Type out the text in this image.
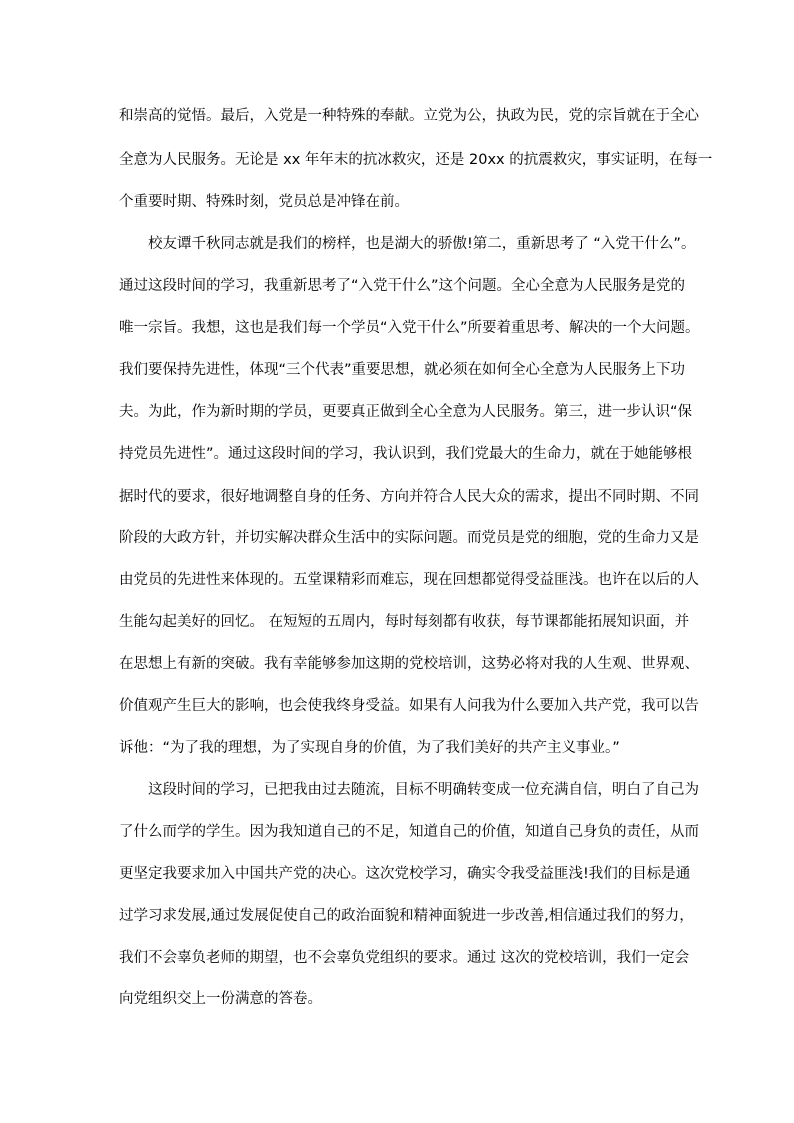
和崇高的觉悟。最后，入党是一种特殊的奉献。立党为公，执政为民，党的宗旨就在于全心
全意为人民服务。无论是 xx 年年末的抗冰救灾，还是 20xx 的抗震救灾，事实证明，在每一
个重要时期、特殊时刻，党员总是冲锋在前。
校友谭千秋同志就是我们的榜样，也是湖大的骄傲!第二，重新思考了 “入党干什么”。
通过这段时间的学习，我重新思考了“入党干什么”这个问题。全心全意为人民服务是党的
唯一宗旨。我想，这也是我们每一个学员“入党干什么”所要着重思考、解决的一个大问题。
我们要保持先进性，体现“三个代表”重要思想，就必须在如何全心全意为人民服务上下功
夫。为此，作为新时期的学员，更要真正做到全心全意为人民服务。第三，进一步认识“保
持党员先进性”。通过这段时间的学习，我认识到，我们党最大的生命力，就在于她能够根
据时代的要求，很好地调整自身的任务、方向并符合人民大众的需求，提出不同时期、不同
阶段的大政方针，并切实解决群众生活中的实际问题。而党员是党的细胞，党的生命力又是
由党员的先进性来体现的。五堂课精彩而难忘，现在回想都觉得受益匪浅。也许在以后的人
生能勾起美好的回忆。 在短短的五周内，每时每刻都有收获，每节课都能拓展知识面，并
在思想上有新的突破。我有幸能够参加这期的党校培训，这势必将对我的人生观、世界观、
价值观产生巨大的影响，也会使我终身受益。如果有人问我为什么要加入共产党，我可以告
诉他：“为了我的理想，为了实现自身的价值，为了我们美好的共产主义事业。”
这段时间的学习，已把我由过去随流，目标不明确转变成一位充满自信，明白了自己为
了什么而学的学生。因为我知道自己的不足，知道自己的价值，知道自己身负的责任，从而
更坚定我要求加入中国共产党的决心。这次党校学习，确实令我受益匪浅!我们的目标是通
过学习求发展,通过发展促使自己的政治面貌和精神面貌进一步改善,相信通过我们的努力，
我们不会辜负老师的期望，也不会辜负党组织的要求。通过 这次的党校培训，我们一定会
向党组织交上一份满意的答卷。
